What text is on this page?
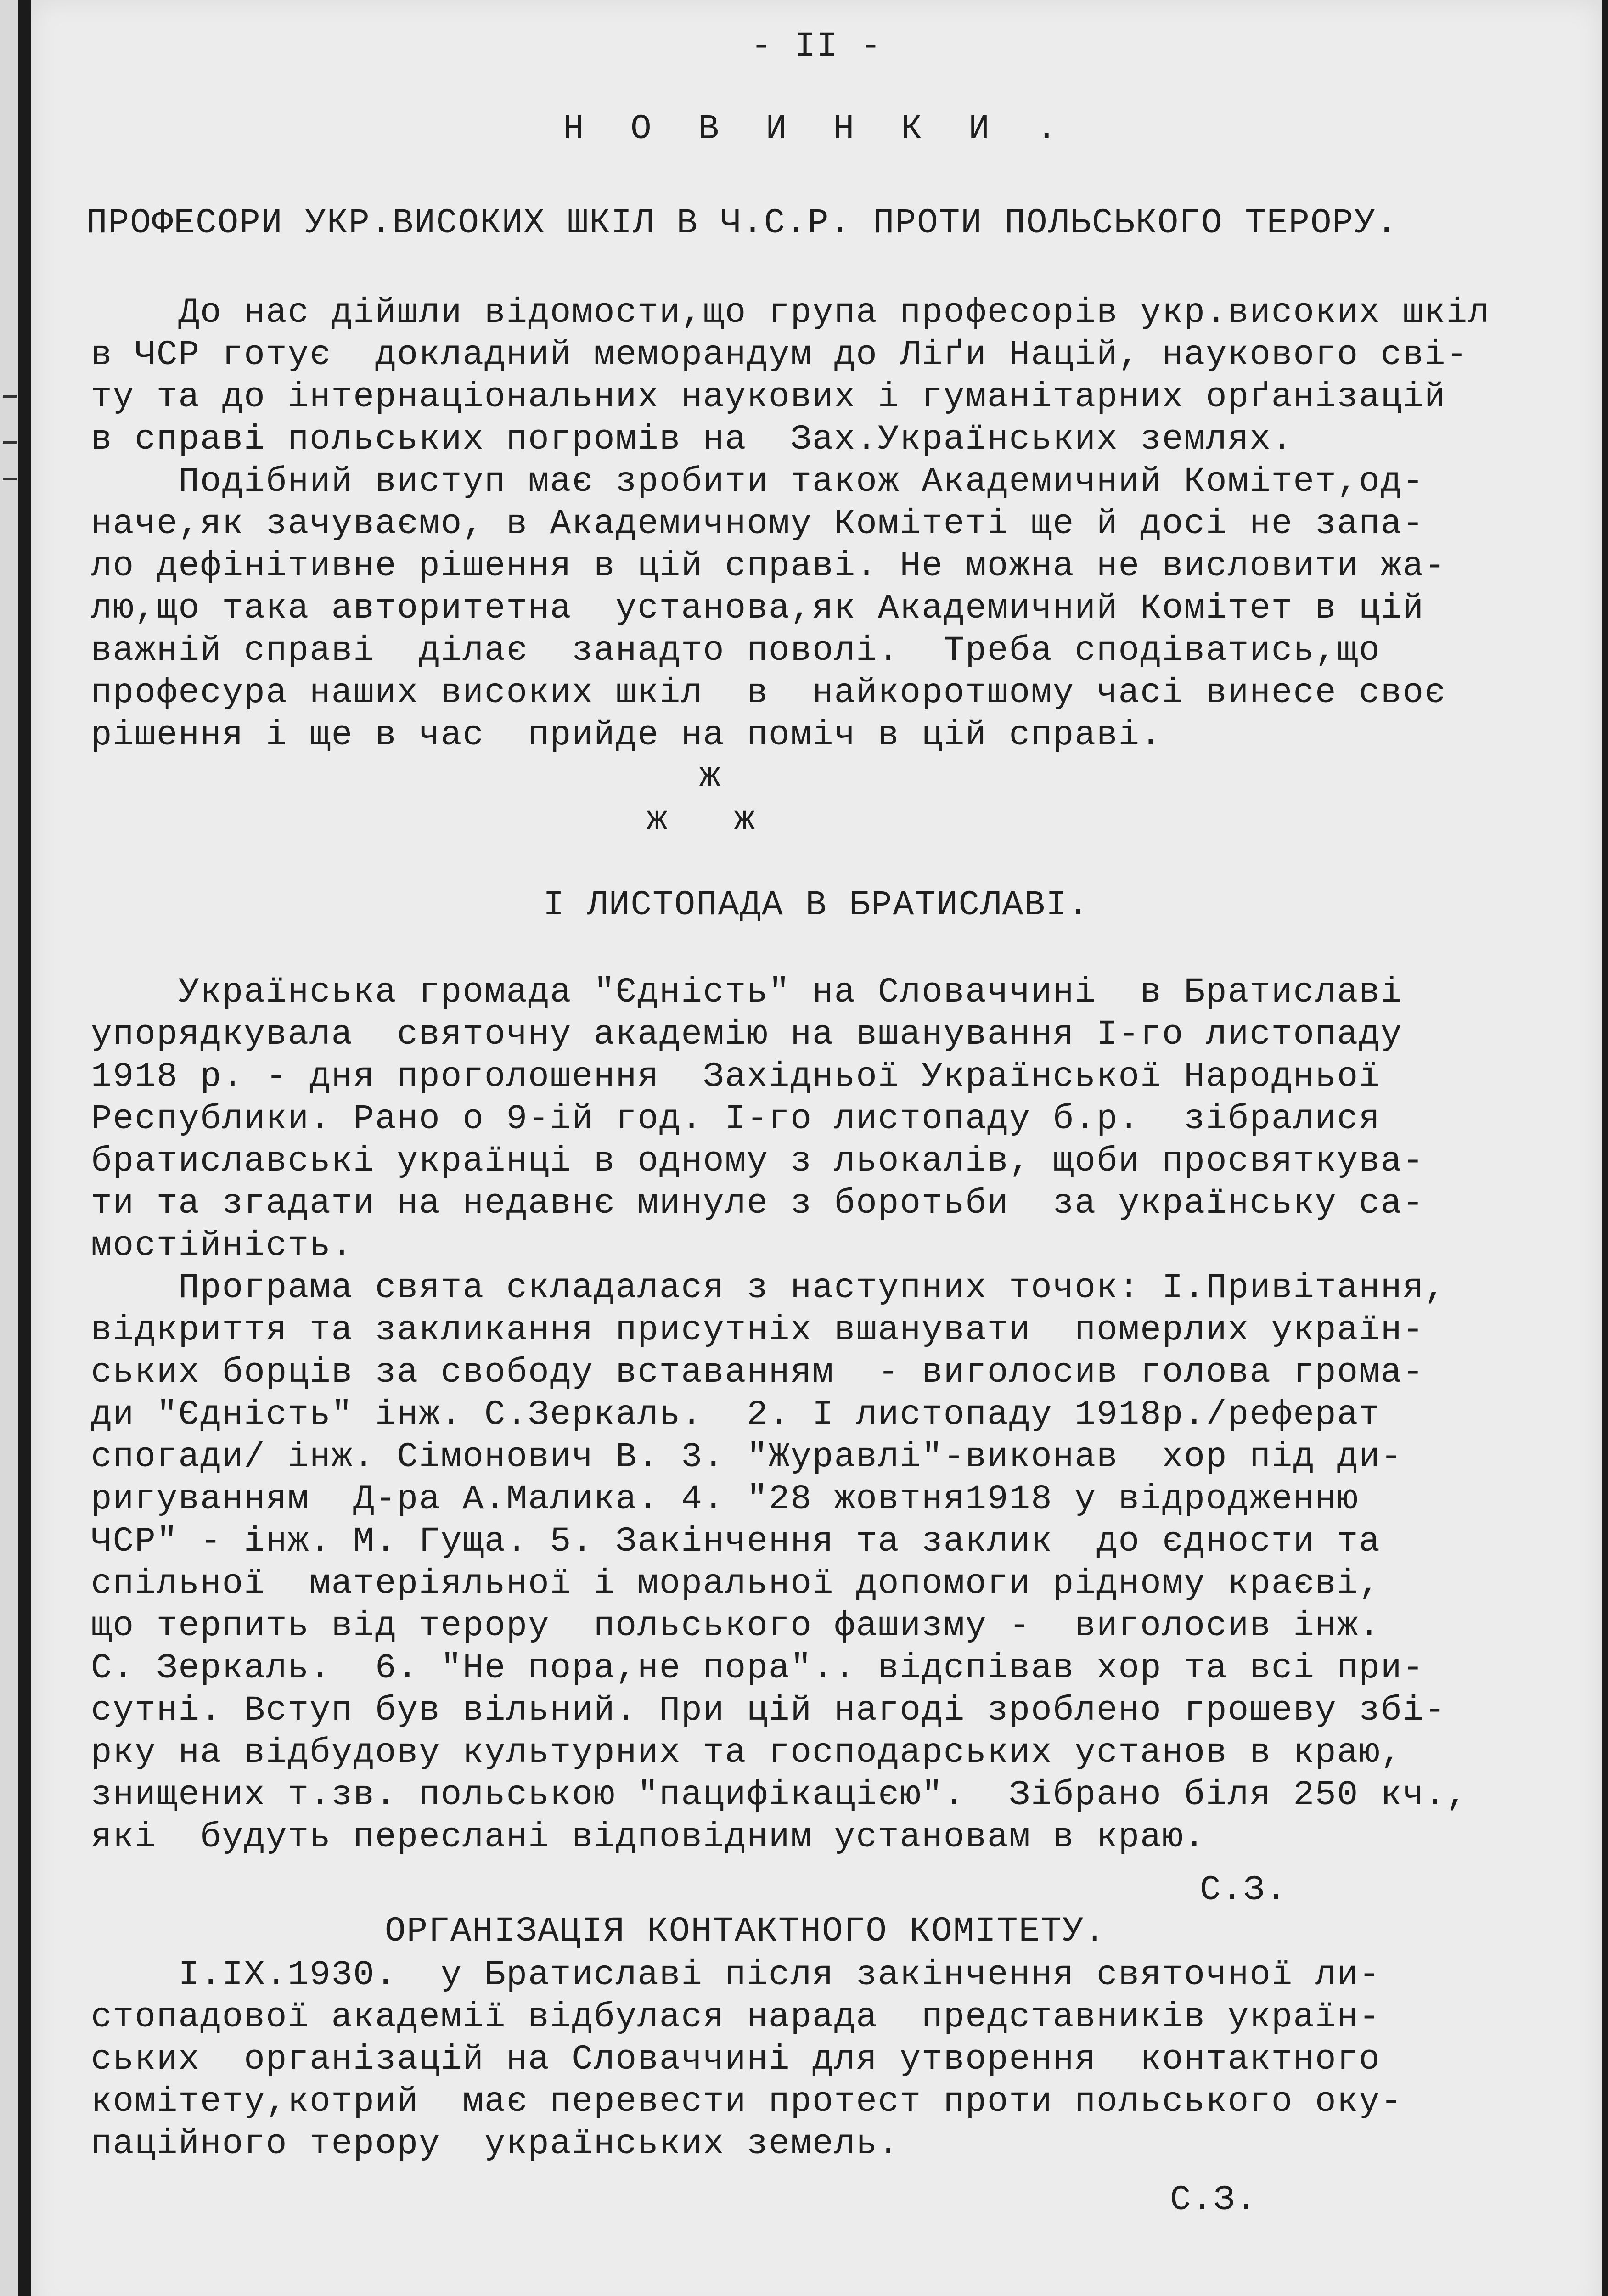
- II -
Н О В И Н К И .
ПРОФЕСОРИ УКР.ВИСОКИХ ШКІЛ В Ч.С.Р. ПРОТИ ПОЛЬСЬКОГО ТЕРОРУ.
До нас дійшли відомости,що група професорів укр.високих шкіл
в ЧСР готує  докладний меморандум до Ліґи Націй, наукового сві-
ту та до інтернаціональних наукових і гуманітарних орґанізацій
в справі польських погромів на  Зах.Українських землях.
Подібний виступ має зробити також Академичний Комітет,од-
наче,як зачуваємо, в Академичному Комітеті ще й досі не запа-
ло дефінітивне рішення в цій справі. Не можна не висловити жа-
лю,що така авторитетна  установа,як Академичний Комітет в цій
важній справі  ділає  занадто поволі.  Треба сподіватись,що
професура наших високих шкіл  в  найкоротшому часі винесе своє
рішення і ще в час  прийде на поміч в цій справі.
ж
ж   ж
I ЛИСТОПАДА В БРАТИСЛАВІ.
Українська громада "Єдність" на Словаччині  в Братиславі
упорядкувала  святочну академію на вшанування I-го листопаду
1918 р. - дня проголошення  Західньої Української Народньої
Республики. Рано о 9-ій год. I-го листопаду б.р.  зібралися
братиславські українці в одному з льокалів, щоби просвяткува-
ти та згадати на недавнє минуле з боротьби  за українську са-
мостійність.
Програма свята складалася з наступних точок: I.Привітання,
відкриття та закликання присутніх вшанувати  померлих україн-
ських борців за свободу вставанням  - виголосив голова грома-
ди "Єдність" інж. С.Зеркаль.  2. I листопаду 1918р./реферат
спогади/ інж. Сімонович В. 3. "Журавлі"-виконав  хор під ди-
ригуванням  Д-ра А.Малика. 4. "28 жовтня1918 у відродженню
ЧСР" - інж. М. Гуща. 5. Закінчення та заклик  до єдности та
спільної  матеріяльної і моральної допомоги рідному краєві,
що терпить від терору  польського фашизму -  виголосив інж.
С. Зеркаль.  6. "Не пора,не пора".. відспівав хор та всі при-
сутні. Вступ був вільний. При цій нагоді зроблено грошеву збі-
рку на відбудову культурних та господарських установ в краю,
знищених т.зв. польською "пацифікацією".  Зібрано біля 250 кч.,
які  будуть переслані відповідним установам в краю.
С.З.
ОРГАНІЗАЦІЯ КОНТАКТНОГО КОМІТЕТУ.
I.IX.1930.  у Братиславі після закінчення святочної ли-
стопадової академії відбулася нарада  представників україн-
ських  організацій на Словаччині для утворення  контактного
комітету,котрий  має перевести протест проти польського оку-
паційного терору  українських земель.
С.З.
